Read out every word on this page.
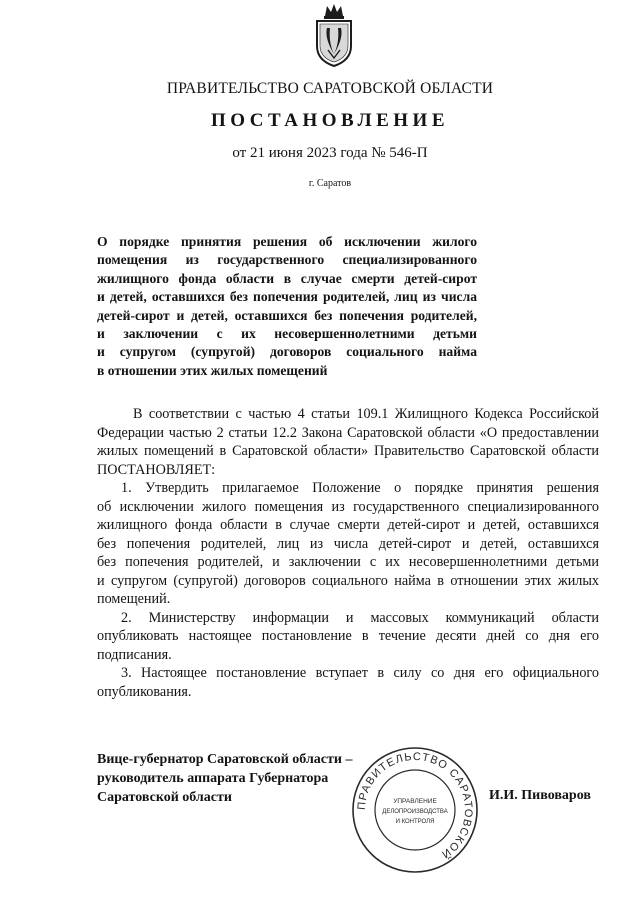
ПРАВИТЕЛЬСТВО САРАТОВСКОЙ ОБЛАСТИ
ПОСТАНОВЛЕНИЕ
от 21 июня 2023 года № 546-П
г. Саратов
О порядке принятия решения об исключении жилого
помещения из государственного специализированного
жилищного фонда области в случае смерти детей-сирот
и детей, оставшихся без попечения родителей, лиц из числа
детей-сирот и детей, оставшихся без попечения родителей,
и заключении с их несовершеннолетними детьми
и супругом (супругой) договоров социального найма
в отношении этих жилых помещений
В соответствии с частью 4 статьи 109.1 Жилищного Кодекса Российской
Федерации частью 2 статьи 12.2 Закона Саратовской области «О предоставлении
жилых помещений в Саратовской области» Правительство Саратовской области
ПОСТАНОВЛЯЕТ:
1. Утвердить прилагаемое Положение о порядке принятия решения
об исключении жилого помещения из государственного специализированного
жилищного фонда области в случае смерти детей-сирот и детей, оставшихся
без попечения родителей, лиц из числа детей-сирот и детей, оставшихся
без попечения родителей, и заключении с их несовершеннолетними детьми
и супругом (супругой) договоров социального найма в отношении этих жилых
помещений.
2. Министерству информации и массовых коммуникаций области
опубликовать настоящее постановление в течение десяти дней со дня его
подписания.
3. Настоящее постановление вступает в силу со дня его официального
опубликования.
Вице-губернатор Саратовской области –
руководитель аппарата Губернатора
Саратовской области	И.И. Пивоваров
ПРАВИТЕЛЬСТВО САРАТОВСКОЙ
УПРАВЛЕНИЕ
ДЕЛОПРОИЗВОДСТВА
И КОНТРОЛЯ
